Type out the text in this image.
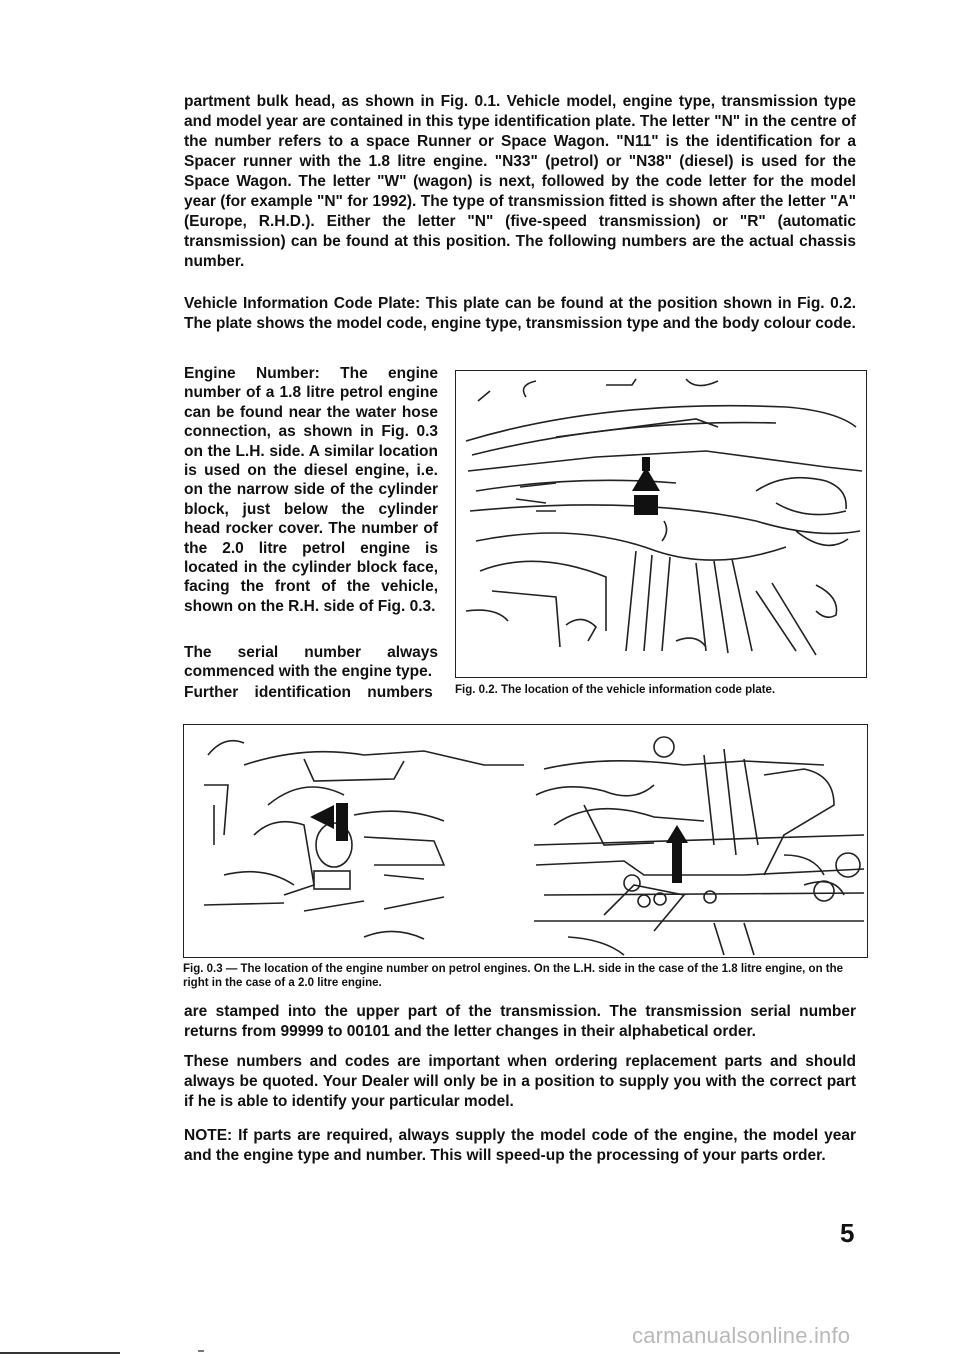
partment bulk head, as shown in Fig. 0.1. Vehicle model, engine type, transmission type and model year are contained in this type identification plate. The letter "N" in the centre of the number refers to a space Runner or Space Wagon. "N11" is the identification for a Spacer runner with the 1.8 litre engine. "N33" (petrol) or "N38" (diesel) is used for the Space Wagon. The letter "W" (wagon) is next, followed by the code letter for the model year (for example "N" for 1992). The type of transmission fitted is shown after the letter "A" (Europe, R.H.D.). Either the letter "N" (five-speed transmission) or "R" (automatic transmission) can be found at this position. The following numbers are the actual chassis number.

Vehicle Information Code Plate: This plate can be found at the position shown in Fig. 0.2. The plate shows the model code, engine type, transmission type and the body colour code.

Engine Number: The engine number of a 1.8 litre petrol engine can be found near the water hose connection, as shown in Fig. 0.3 on the L.H. side. A similar location is used on the diesel engine, i.e. on the narrow side of the cylinder block, just below the cylinder head rocker cover. The number of the 2.0 litre petrol engine is located in the cylinder block face, facing the front of the vehicle, shown on the R.H. side of Fig. 0.3.

The serial number always commenced with the engine type.

Further identification numbers	Fig. 0.2. The location of the vehicle information code plate.

Fig. 0.3 — The location of the engine number on petrol engines. On the L.H. side in the case of the 1.8 litre engine, on the right in the case of a 2.0 litre engine.

are stamped into the upper part of the transmission. The transmission serial number returns from 99999 to 00101 and the letter changes in their alphabetical order.

These numbers and codes are important when ordering replacement parts and should always be quoted. Your Dealer will only be in a position to supply you with the correct part if he is able to identify your particular model.

NOTE: If parts are required, always supply the model code of the engine, the model year and the engine type and number. This will speed-up the processing of your parts order.

5
carmanualsonline.info
